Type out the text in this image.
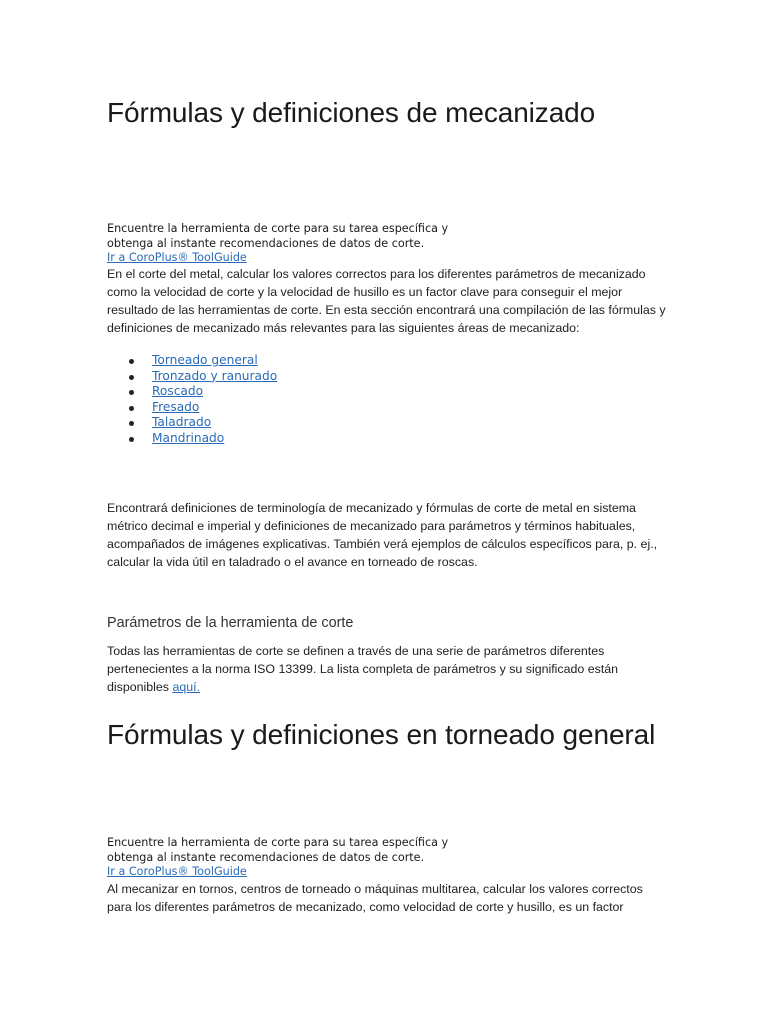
Fórmulas y definiciones de mecanizado

Encuentre la herramienta de corte para su tarea específica y

obtenga al instante recomendaciones de datos de corte.

Ir a CoroPlus® ToolGuide

En el corte del metal, calcular los valores correctos para los diferentes parámetros de mecanizado como la velocidad de corte y la velocidad de husillo es un factor clave para conseguir el mejor resultado de las herramientas de corte. En esta sección encontrará una compilación de las fórmulas y definiciones de mecanizado más relevantes para las siguientes áreas de mecanizado:

Torneado general
Tronzado y ranurado
Roscado
Fresado
Taladrado
Mandrinado

Encontrará definiciones de terminología de mecanizado y fórmulas de corte de metal en sistema métrico decimal e imperial y definiciones de mecanizado para parámetros y términos habituales, acompañados de imágenes explicativas. También verá ejemplos de cálculos específicos para, p. ej., calcular la vida útil en taladrado o el avance en torneado de roscas.

Parámetros de la herramienta de corte

Todas las herramientas de corte se definen a través de una serie de parámetros diferentes pertenecientes a la norma ISO 13399. La lista completa de parámetros y su significado están disponibles aquí.

Fórmulas y definiciones en torneado general

Encuentre la herramienta de corte para su tarea específica y

obtenga al instante recomendaciones de datos de corte.

Ir a CoroPlus® ToolGuide

Al mecanizar en tornos, centros de torneado o máquinas multitarea, calcular los valores correctos para los diferentes parámetros de mecanizado, como velocidad de corte y husillo, es un factor
